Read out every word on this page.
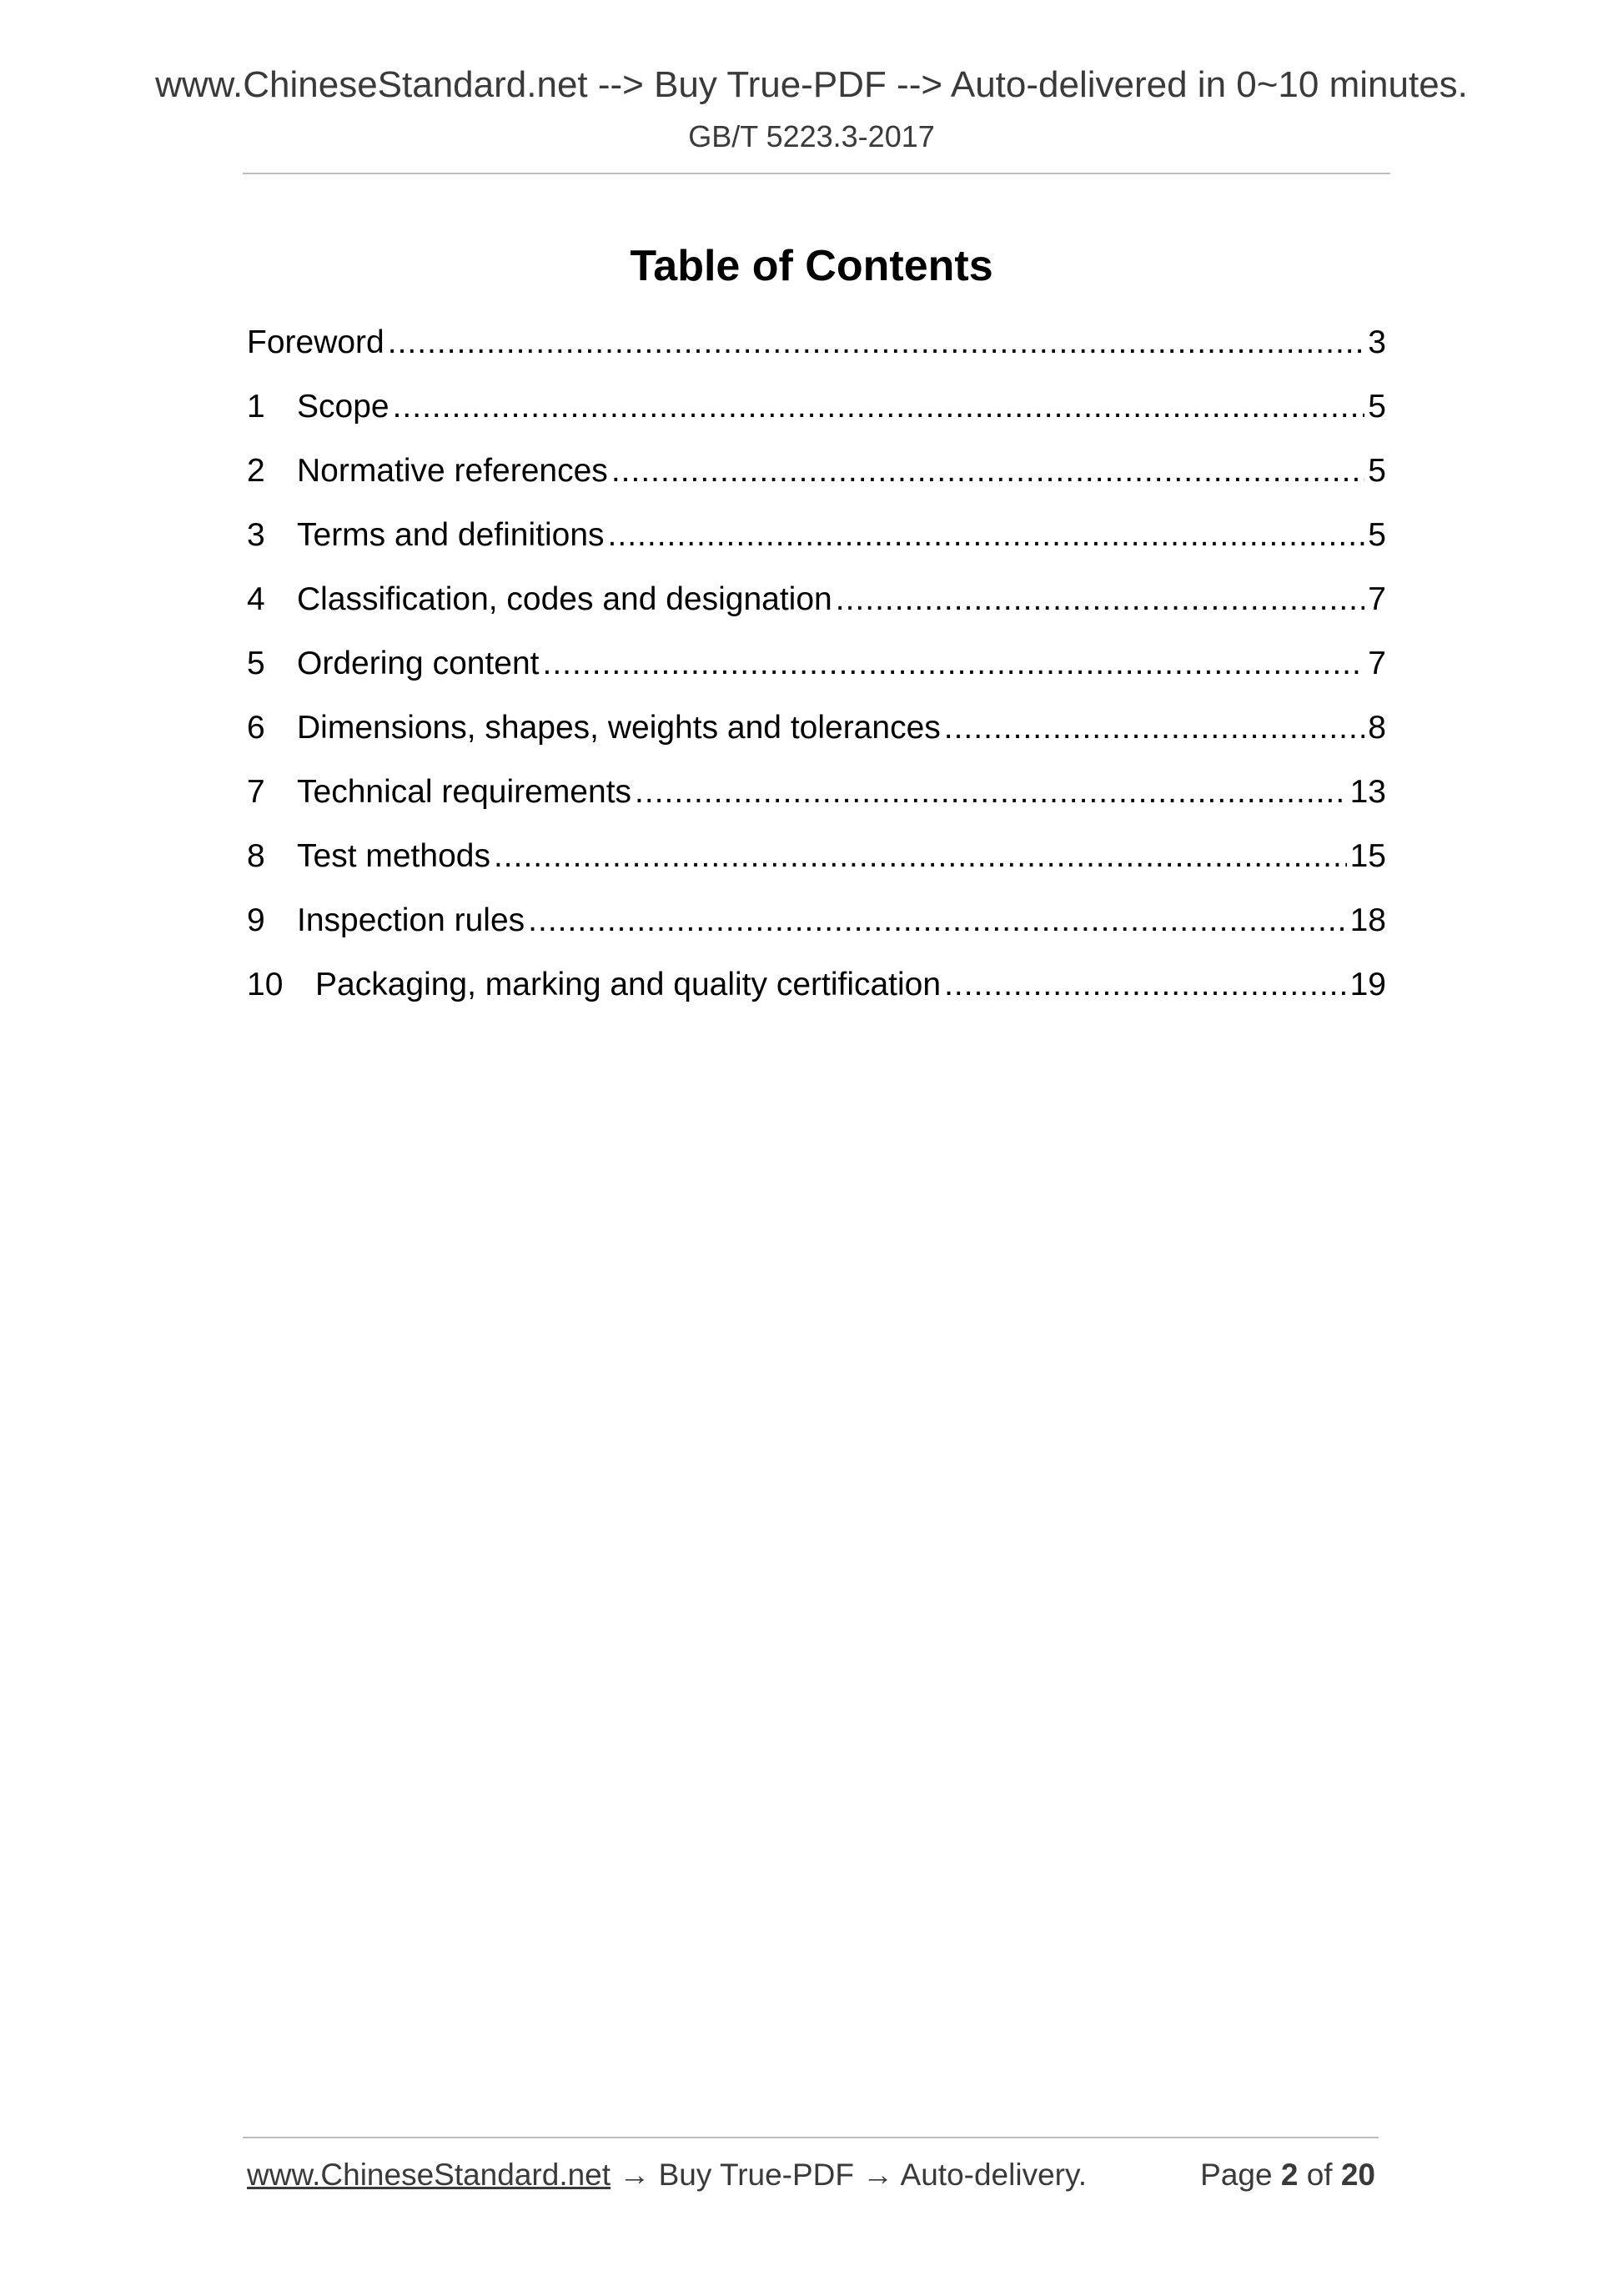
www.ChineseStandard.net --> Buy True-PDF --> Auto-delivered in 0~10 minutes.
GB/T 5223.3-2017
Table of Contents
Foreword .....	3
1 Scope .....	5
2 Normative references .....	5
3 Terms and definitions .....	5
4 Classification, codes and designation .....	7
5 Ordering content .....	7
6 Dimensions, shapes, weights and tolerances .....	8
7 Technical requirements .....	13
8 Test methods .....	15
9 Inspection rules .....	18
10 Packaging, marking and quality certification .....	19
www.ChineseStandard.net → Buy True-PDF → Auto-delivery.	Page 2 of 20
